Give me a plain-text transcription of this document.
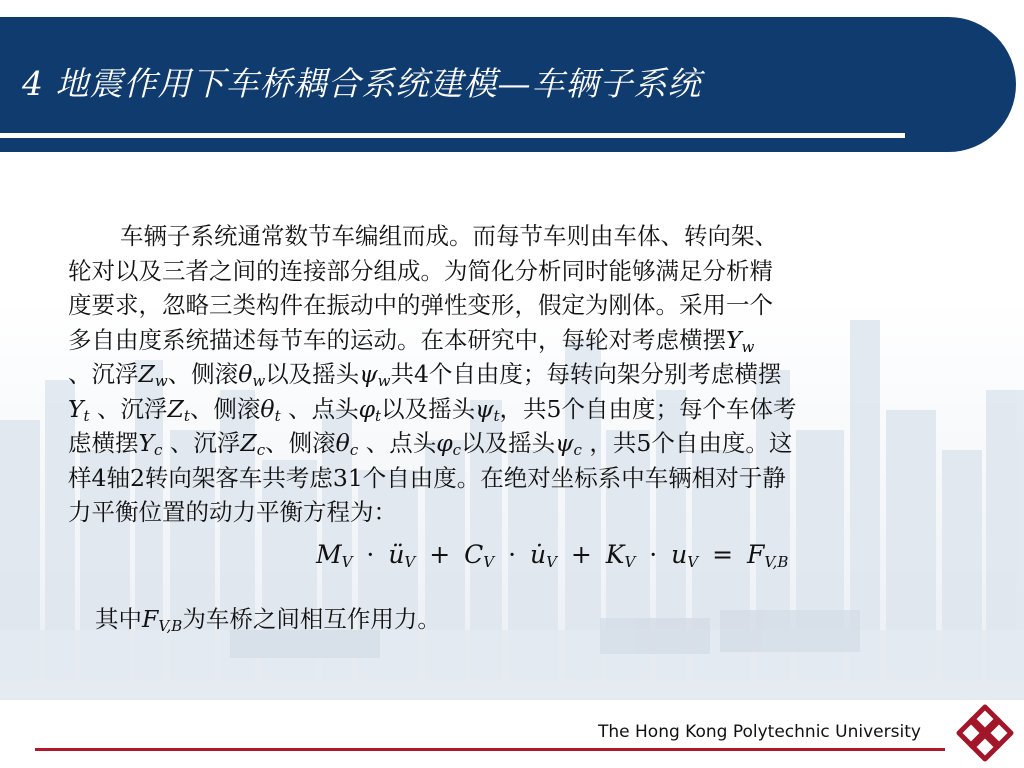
4 地震作用下车桥耦合系统建模—车辆子系统
车辆子系统通常数节车编组而成。而每节车则由车体、转向架、
轮对以及三者之间的连接部分组成。为简化分析同时能够满足分析精
度要求，忽略三类构件在振动中的弹性变形，假定为刚体。采用一个
多自由度系统描述每节车的运动。在本研究中，每轮对考虑横摆$Y_w$
、沉浮$Z_w$、侧滚$\theta_w$以及摇头$\psi_w$共4个自由度；每转向架分别考虑横摆
$Y_t$ 、沉浮$Z_t$、侧滚$\theta_t$ 、点头$\varphi_t$以及摇头$\psi_t$，共5个自由度；每个车体考
虑横摆$Y_c$ 、沉浮$Z_c$、侧滚$\theta_c$ 、点头$\varphi_c$以及摇头$\psi_c$ ，共5个自由度。这
样4轴2转向架客车共考虑31个自由度。在绝对坐标系中车辆相对于静
力平衡位置的动力平衡方程为：
$M_V$ · $ü_V + C_V$ · $u̇_V + K_V \cdot u_V = F_{V,B}$
其中$F_{V,B}$为车桥之间相互作用力。
The Hong Kong Polytechnic University
